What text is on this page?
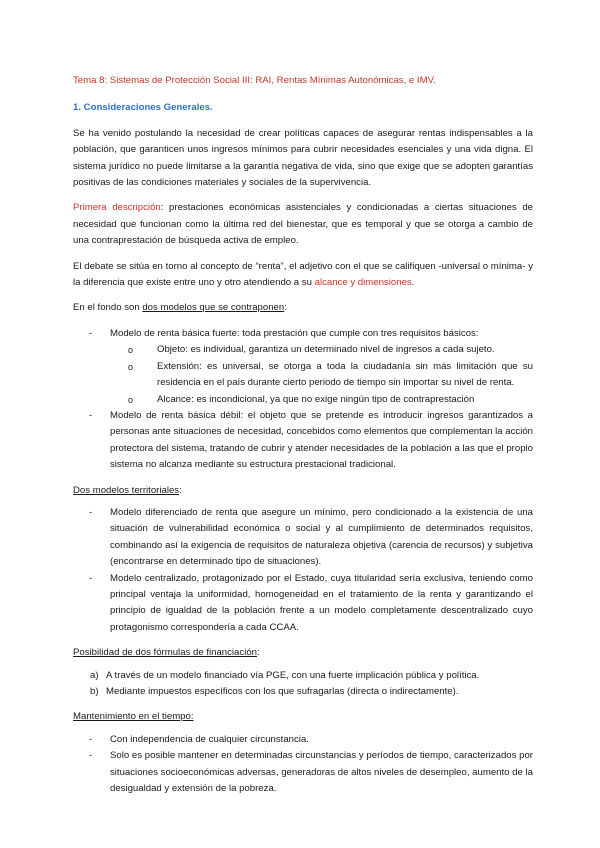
Tema 8: Sistemas de Protección Social III: RAI, Rentas Mínimas Autonómicas, e IMV.
1. Consideraciones Generales.

Se ha venido postulando la necesidad de crear políticas capaces de asegurar rentas indispensables a la población, que garanticen unos ingresos mínimos para cubrir necesidades esenciales y una vida digna. El sistema jurídico no puede limitarse a la garantía negativa de vida, sino que exige que se adopten garantías positivas de las condiciones materiales y sociales de la supervivencia.

Primera descripción: prestaciones económicas asistenciales y condicionadas a ciertas situaciones de necesidad que funcionan como la última red del bienestar, que es temporal y que se otorga a cambio de una contraprestación de búsqueda activa de empleo.

El debate se sitúa en torno al concepto de “renta”, el adjetivo con el que se califiquen -universal o mínima- y la diferencia que existe entre uno y otro atendiendo a su alcance y dimensiones.

En el fondo son dos modelos que se contraponen:

- Modelo de renta básica fuerte: toda prestación que cumple con tres requisitos básicos:
o Objeto: es individual, garantiza un determinado nivel de ingresos a cada sujeto.
o Extensión: es universal, se otorga a toda la ciudadanía sin más limitación que su residencia en el país durante cierto periodo de tiempo sin importar su nivel de renta.
o Alcance: es incondicional, ya que no exige ningún tipo de contraprestación
- Modelo de renta básica débil: el objeto que se pretende es introducir ingresos garantizados a personas ante situaciones de necesidad, concebidos como elementos que complementan la acción protectora del sistema, tratando de cubrir y atender necesidades de la población a las que el propio sistema no alcanza mediante su estructura prestacional tradicional.

Dos modelos territoriales:

- Modelo diferenciado de renta que asegure un mínimo, pero condicionado a la existencia de una situación de vulnerabilidad económica o social y al cumplimiento de determinados requisitos, combinando así la exigencia de requisitos de naturaleza objetiva (carencia de recursos) y subjetiva (encontrarse en determinado tipo de situaciones).
- Modelo centralizado, protagonizado por el Estado, cuya titularidad sería exclusiva, teniendo como principal ventaja la uniformidad, homogeneidad en el tratamiento de la renta y garantizando el principio de igualdad de la población frente a un modelo completamente descentralizado cuyo protagonismo correspondería a cada CCAA.

Posibilidad de dos fórmulas de financiación:

a) A través de un modelo financiado vía PGE, con una fuerte implicación pública y política.
b) Mediante impuestos específicos con los que sufragarlas (directa o indirectamente).

Mantenimiento en el tiempo:

- Con independencia de cualquier circunstancia.
- Solo es posible mantener en determinadas circunstancias y períodos de tiempo, caracterizados por situaciones socioeconómicas adversas, generadoras de altos niveles de desempleo, aumento de la desigualdad y extensión de la pobreza.
